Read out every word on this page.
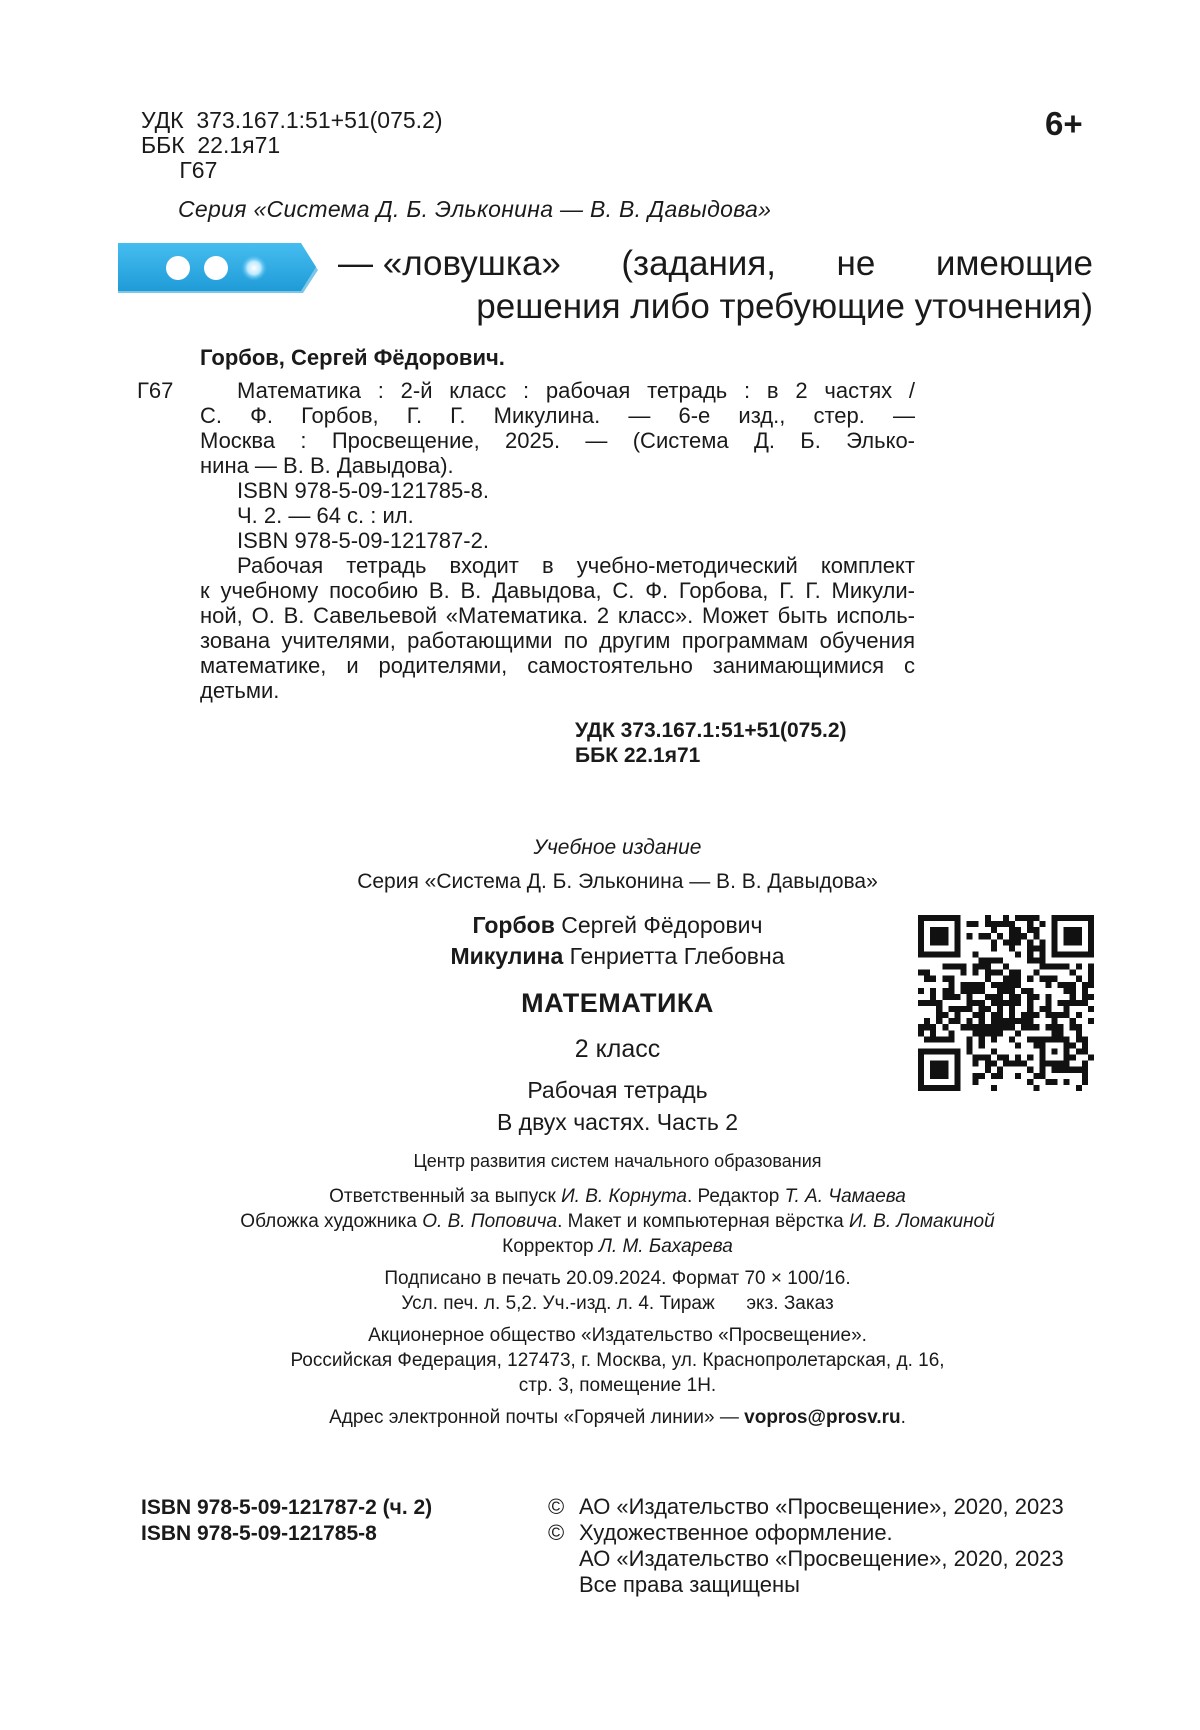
УДК 373.167.1:51+51(075.2)
ББК 22.1я71
Г67
6+
Серия «Система Д. Б. Эльконина — В. В. Давыдова»
— «ловушка» (задания, не имеющие
решения либо требующие уточнения)
Горбов, Сергей Фёдорович.
Г67	Математика : 2-й класс : рабочая тетрадь : в 2 частях /
С. Ф. Горбов, Г. Г. Микулина. — 6-е изд., стер. —
Москва : Просвещение, 2025. — (Система Д. Б. Элько-
нина — В. В. Давыдова).
ISBN 978-5-09-121785-8.
Ч. 2. — 64 с. : ил.
ISBN 978-5-09-121787-2.
Рабочая тетрадь входит в учебно-методический комплект
к учебному пособию В. В. Давыдова, С. Ф. Горбова, Г. Г. Микули-
ной, О. В. Савельевой «Математика. 2 класс». Может быть исполь-
зована учителями, работающими по другим программам обучения
математике, и родителями, самостоятельно занимающимися с
детьми.
УДК 373.167.1:51+51(075.2)
ББК 22.1я71
Учебное издание
Серия «Система Д. Б. Эльконина — В. В. Давыдова»
Горбов Сергей Фёдорович
Микулина Генриетта Глебовна
МАТЕМАТИКА
2 класс
Рабочая тетрадь
В двух частях. Часть 2
Центр развития систем начального образования
Ответственный за выпуск И. В. Корнута. Редактор Т. А. Чамаева
Обложка художника О. В. Поповича. Макет и компьютерная вёрстка И. В. Ломакиной
Корректор Л. М. Бахарева
Подписано в печать 20.09.2024. Формат 70 × 100/16.
Усл. печ. л. 5,2. Уч.-изд. л. 4. Тираж      экз. Заказ
Акционерное общество «Издательство «Просвещение».
Российская Федерация, 127473, г. Москва, ул. Краснопролетарская, д. 16,
стр. 3, помещение 1Н.
Адрес электронной почты «Горячей линии» — vopros@prosv.ru.
ISBN 978-5-09-121787-2 (ч. 2)
ISBN 978-5-09-121785-8
© АО «Издательство «Просвещение», 2020, 2023
© Художественное оформление.
АО «Издательство «Просвещение», 2020, 2023
Все права защищены
